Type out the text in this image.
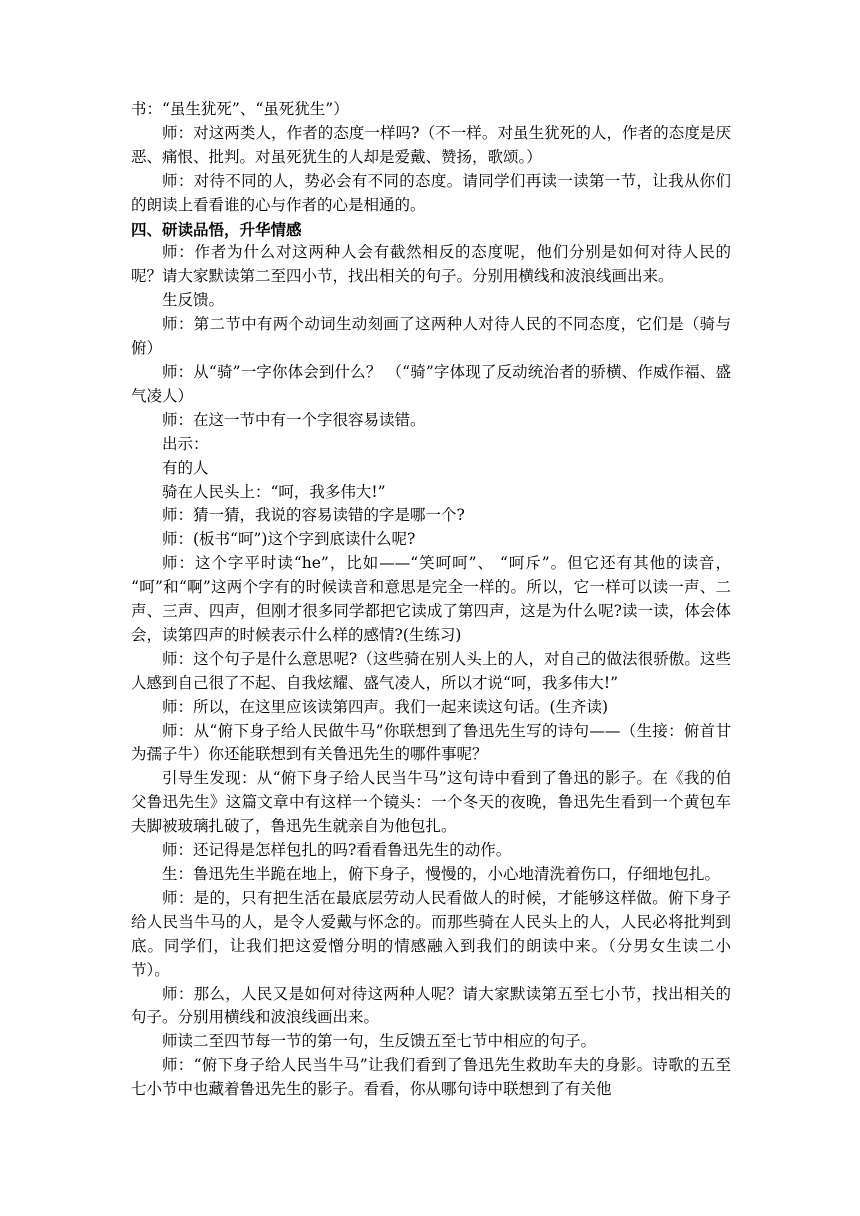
书：“虽生犹死”、“虽死犹生”）

师：对这两类人，作者的态度一样吗?（不一样。对虽生犹死的人，作者的态度是厌恶、痛恨、批判。对虽死犹生的人却是爱戴、赞扬，歌颂。）

师：对待不同的人，势必会有不同的态度。请同学们再读一读第一节，让我从你们的朗读上看看谁的心与作者的心是相通的。

四、研读品悟，升华情感

师：作者为什么对这两种人会有截然相反的态度呢，他们分别是如何对待人民的呢？请大家默读第二至四小节，找出相关的句子。分别用横线和波浪线画出来。

生反馈。

师：第二节中有两个动词生动刻画了这两种人对待人民的不同态度，它们是（骑与俯）

师：从“骑”一字你体会到什么？ （“骑”字体现了反动统治者的骄横、作威作福、盛气凌人）

师：在这一节中有一个字很容易读错。

出示：

有的人

骑在人民头上：“呵，我多伟大!”

师：猜一猜，我说的容易读错的字是哪一个?

师：(板书“呵”)这个字到底读什么呢?

师：这个字平时读“he”，比如——“笑呵呵”、 “呵斥”。但它还有其他的读音， “呵”和“啊”这两个字有的时候读音和意思是完全一样的。所以，它一样可以读一声、二声、三声、四声，但刚才很多同学都把它读成了第四声，这是为什么呢?读一读，体会体会，读第四声的时候表示什么样的感情?(生练习)

师：这个句子是什么意思呢?（这些骑在别人头上的人，对自己的做法很骄傲。这些人感到自己很了不起、自我炫耀、盛气凌人，所以才说“呵，我多伟大!”

师：所以，在这里应该读第四声。我们一起来读这句话。(生齐读)

师：从“俯下身子给人民做牛马”你联想到了鲁迅先生写的诗句——（生接：俯首甘为孺子牛）你还能联想到有关鲁迅先生的哪件事呢？

引导生发现：从“俯下身子给人民当牛马”这句诗中看到了鲁迅的影子。在《我的伯父鲁迅先生》这篇文章中有这样一个镜头：一个冬天的夜晚，鲁迅先生看到一个黄包车夫脚被玻璃扎破了，鲁迅先生就亲自为他包扎。

师：还记得是怎样包扎的吗?看看鲁迅先生的动作。

生：鲁迅先生半跪在地上，俯下身子，慢慢的，小心地清洗着伤口，仔细地包扎。

师：是的，只有把生活在最底层劳动人民看做人的时候，才能够这样做。俯下身子给人民当牛马的人，是令人爱戴与怀念的。而那些骑在人民头上的人，人民必将批判到底。同学们，让我们把这爱憎分明的情感融入到我们的朗读中来。（分男女生读二小节）。

师：那么，人民又是如何对待这两种人呢？请大家默读第五至七小节，找出相关的句子。分别用横线和波浪线画出来。

师读二至四节每一节的第一句，生反馈五至七节中相应的句子。

师：“俯下身子给人民当牛马”让我们看到了鲁迅先生救助车夫的身影。诗歌的五至七小节中也藏着鲁迅先生的影子。看看，你从哪句诗中联想到了有关他
